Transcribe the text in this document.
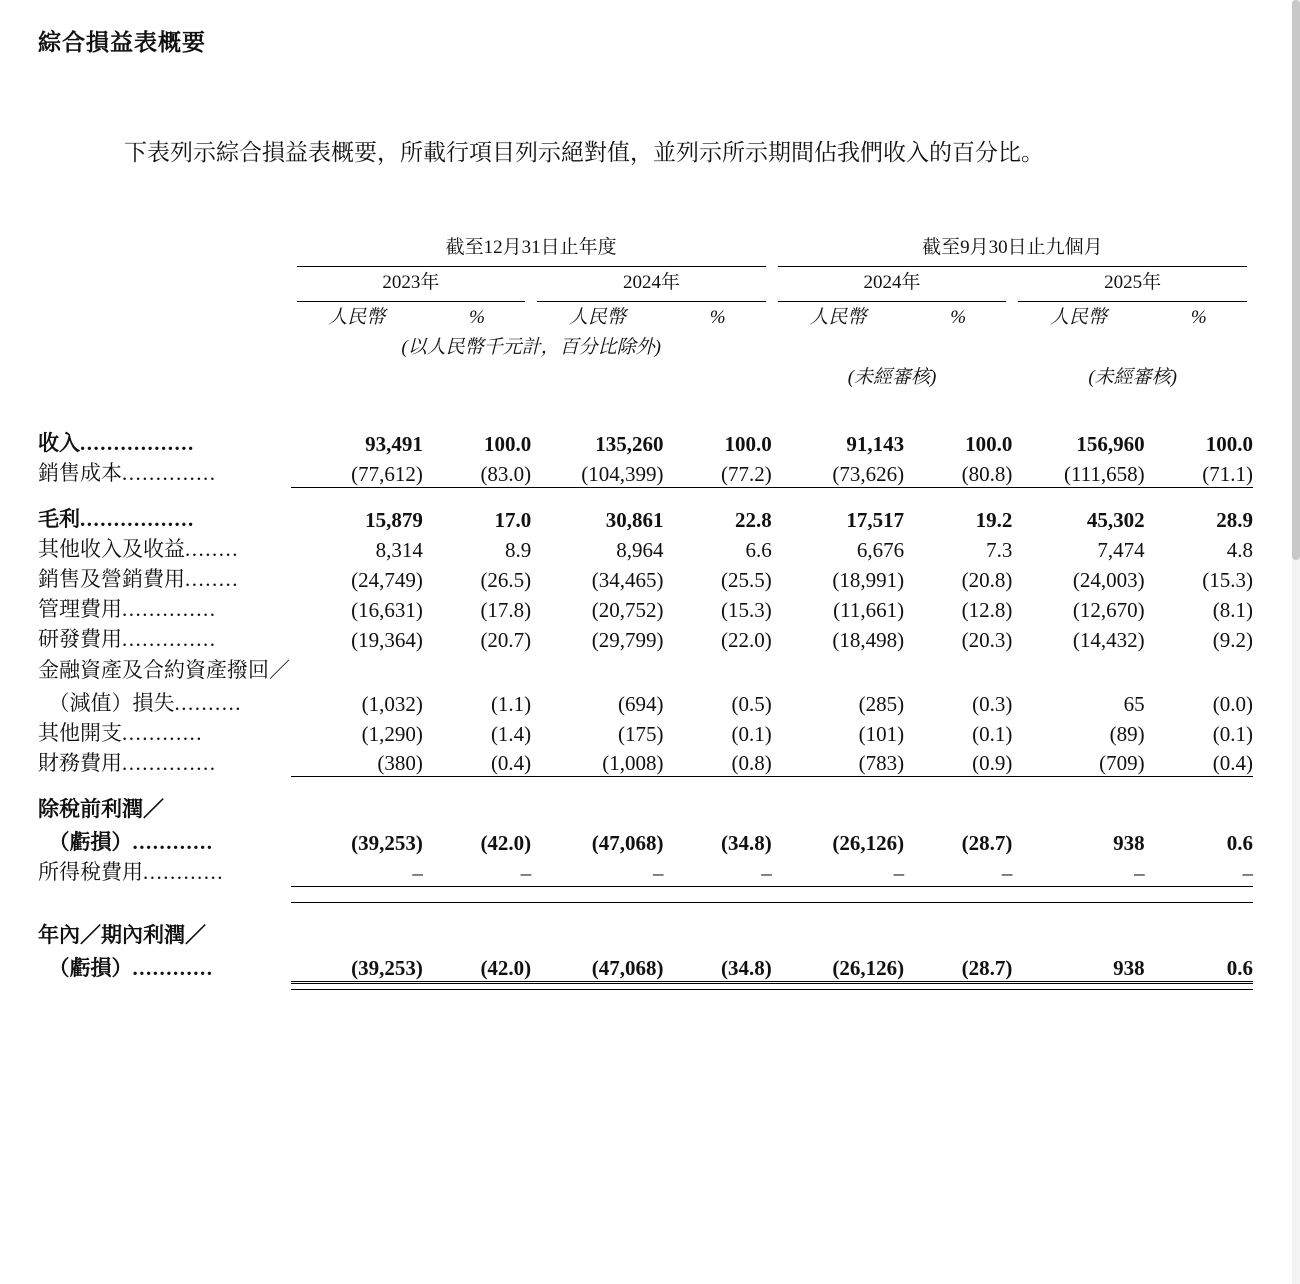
綜合損益表概要

下表列示綜合損益表概要，所載行項目列示絕對值，並列示所示期間佔我們收入的百分比。

	截至12月31日止年度				截至9月30日止九個月			

	2023年		2024年		2024年		2025年	

	人民幣	%	人民幣	%	人民幣	%	人民幣	%
	(以人民幣千元計，百分比除外)							
					(未經審核)		(未經審核)	

收入.................	93,491	100.0	135,260	100.0	91,143	100.0	156,960	100.0
銷售成本..............	(77,612)	(83.0)	(104,399)	(77.2)	(73,626)	(80.8)	(111,658)	(71.1)

毛利.................	15,879	17.0	30,861	22.8	17,517	19.2	45,302	28.9
其他收入及收益........	8,314	8.9	8,964	6.6	6,676	7.3	7,474	4.8
銷售及營銷費用........	(24,749)	(26.5)	(34,465)	(25.5)	(18,991)	(20.8)	(24,003)	(15.3)
管理費用..............	(16,631)	(17.8)	(20,752)	(15.3)	(11,661)	(12.8)	(12,670)	(8.1)
研發費用..............	(19,364)	(20.7)	(29,799)	(22.0)	(18,498)	(20.3)	(14,432)	(9.2)
金融資產及合約資產撥回／								
　（減值）損失..........	(1,032)	(1.1)	(694)	(0.5)	(285)	(0.3)	65	(0.0)
其他開支............	(1,290)	(1.4)	(175)	(0.1)	(101)	(0.1)	(89)	(0.1)
財務費用..............	(380)	(0.4)	(1,008)	(0.8)	(783)	(0.9)	(709)	(0.4)

除稅前利潤／								
　（虧損）............	(39,253)	(42.0)	(47,068)	(34.8)	(26,126)	(28.7)	938	0.6
所得稅費用............	–	–	–	–	–	–	–	–

年內／期內利潤／								
　（虧損）............	(39,253)	(42.0)	(47,068)	(34.8)	(26,126)	(28.7)	938	0.6
